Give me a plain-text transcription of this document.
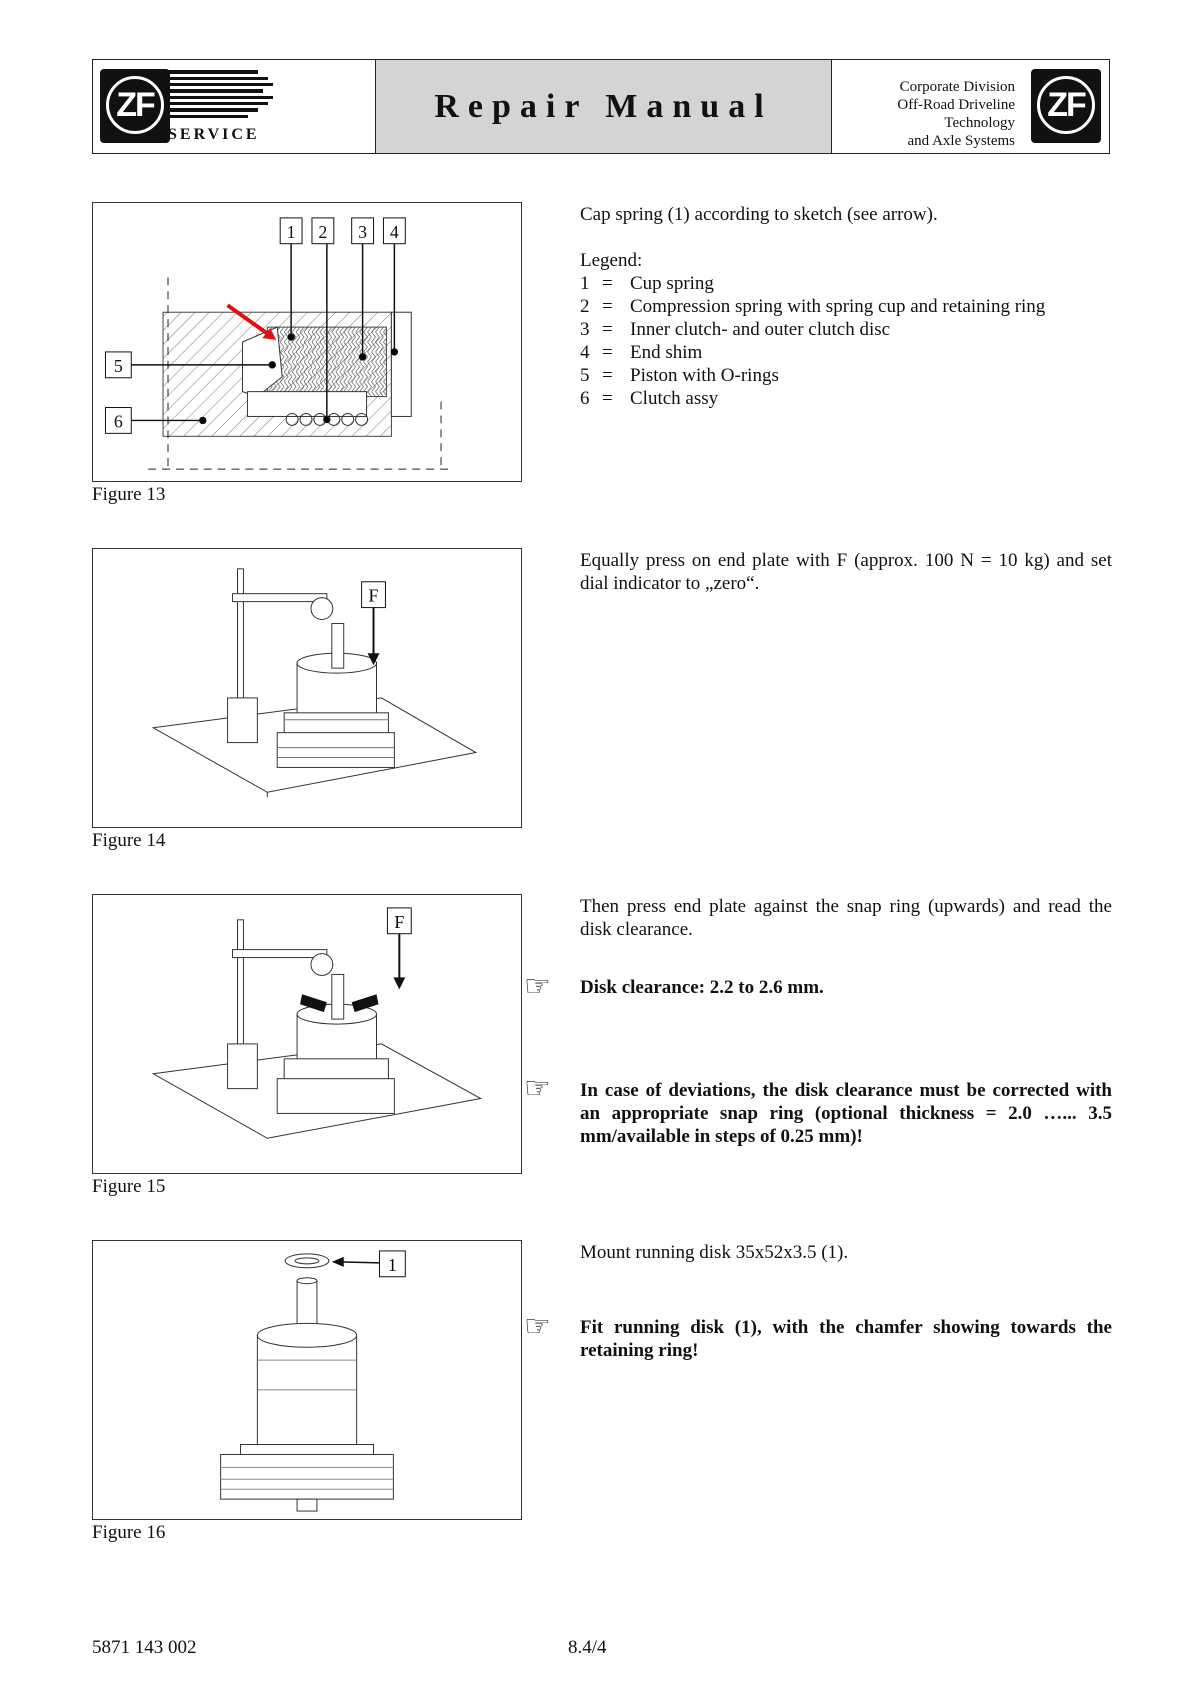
ZF
SERVICE
Repair Manual
Corporate Division
Off-Road Driveline
Technology
and Axle Systems
ZF
1 2 3 4
5
6
Figure 13
Cap spring (1) according to sketch (see arrow).
Legend:
1 = Cup spring
2 = Compression spring with spring cup and retaining ring
3 = Inner clutch- and outer clutch disc
4 = End shim
5 = Piston with O-rings
6 = Clutch assy
F
Figure 14
Equally press on end plate with F (approx. 100 N = 10 kg) and set dial indicator to „zero“.
F
Figure 15
Then press end plate against the snap ring (upwards) and read the disk clearance.
☞ Disk clearance: 2.2 to 2.6 mm.
☞ In case of deviations, the disk clearance must be corrected with an appropriate snap ring (optional thickness = 2.0 …... 3.5 mm/available in steps of 0.25 mm)!
1
Figure 16
Mount running disk 35x52x3.5 (1).
☞ Fit running disk (1), with the chamfer showing towards the retaining ring!
5871 143 002	8.4/4
